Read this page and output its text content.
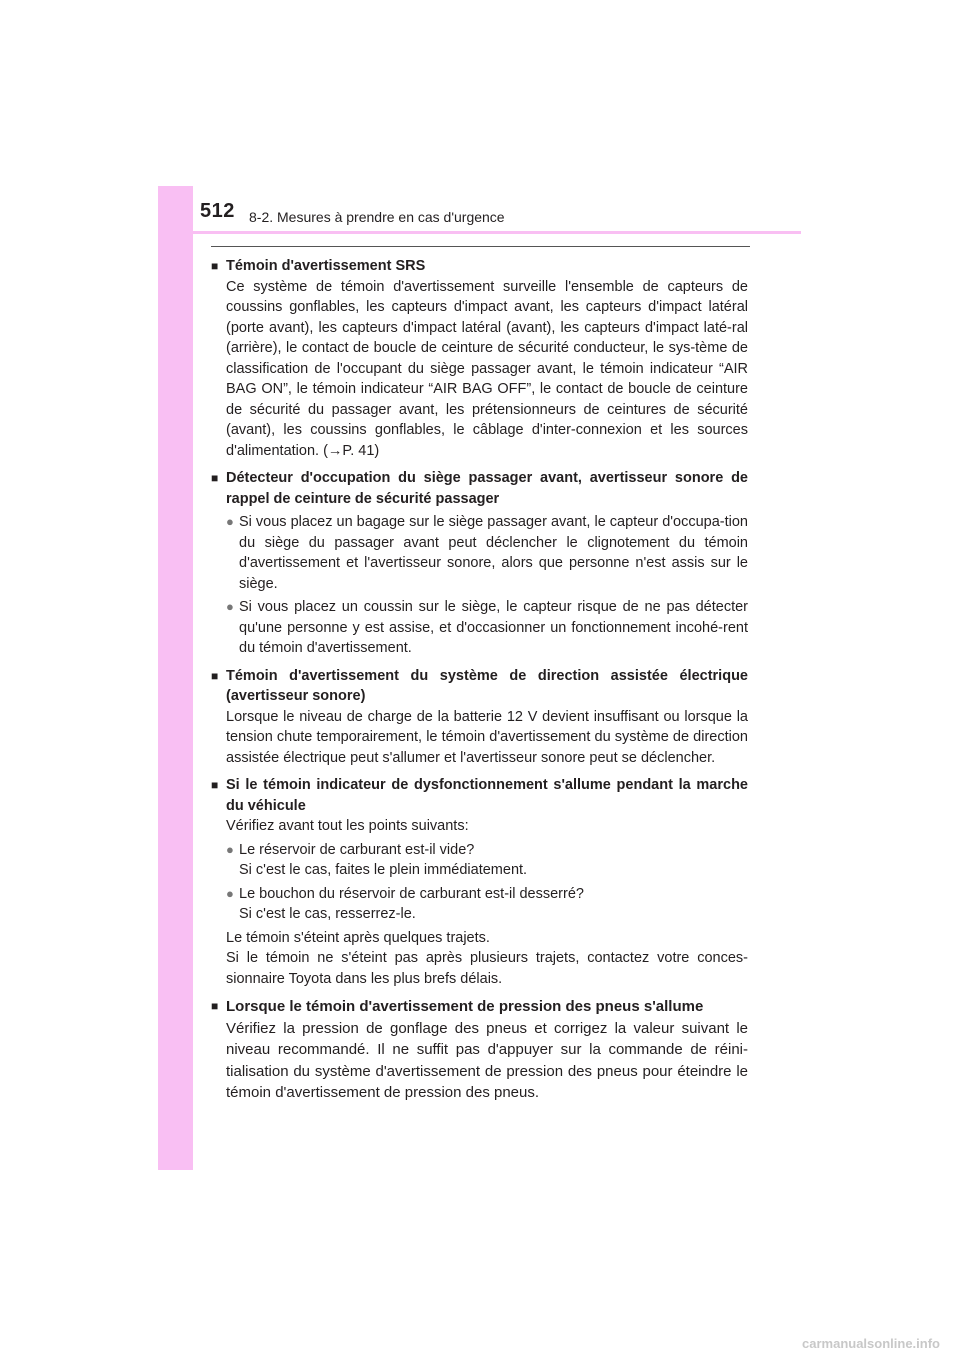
512 8-2. Mesures à prendre en cas d'urgence
■ Témoin d'avertissement SRS
Ce système de témoin d'avertissement surveille l'ensemble de capteurs de coussins gonflables, les capteurs d'impact avant, les capteurs d'impact latéral (porte avant), les capteurs d'impact latéral (avant), les capteurs d'impact laté-ral (arrière), le contact de boucle de ceinture de sécurité conducteur, le sys-tème de classification de l'occupant du siège passager avant, le témoin indicateur “AIR BAG ON”, le témoin indicateur “AIR BAG OFF”, le contact de boucle de ceinture de sécurité du passager avant, les prétensionneurs de ceintures de sécurité (avant), les coussins gonflables, le câblage d'inter-connexion et les sources d'alimentation. (→P. 41)
■ Détecteur d'occupation du siège passager avant, avertisseur sonore de rappel de ceinture de sécurité passager
● Si vous placez un bagage sur le siège passager avant, le capteur d'occupa-tion du siège du passager avant peut déclencher le clignotement du témoin d'avertissement et l'avertisseur sonore, alors que personne n'est assis sur le siège.
● Si vous placez un coussin sur le siège, le capteur risque de ne pas détecter qu'une personne y est assise, et d'occasionner un fonctionnement incohé-rent du témoin d'avertissement.
■ Témoin d'avertissement du système de direction assistée électrique (avertisseur sonore)
Lorsque le niveau de charge de la batterie 12 V devient insuffisant ou lorsque la tension chute temporairement, le témoin d'avertissement du système de direction assistée électrique peut s'allumer et l'avertisseur sonore peut se déclencher.
■ Si le témoin indicateur de dysfonctionnement s'allume pendant la marche du véhicule
Vérifiez avant tout les points suivants:
● Le réservoir de carburant est-il vide?
Si c'est le cas, faites le plein immédiatement.
● Le bouchon du réservoir de carburant est-il desserré?
Si c'est le cas, resserrez-le.
Le témoin s'éteint après quelques trajets.
Si le témoin ne s'éteint pas après plusieurs trajets, contactez votre conces-sionnaire Toyota dans les plus brefs délais.
■ Lorsque le témoin d'avertissement de pression des pneus s'allume
Vérifiez la pression de gonflage des pneus et corrigez la valeur suivant le niveau recommandé. Il ne suffit pas d'appuyer sur la commande de réini-tialisation du système d'avertissement de pression des pneus pour éteindre le témoin d'avertissement de pression des pneus.
carmanualsonline.info
